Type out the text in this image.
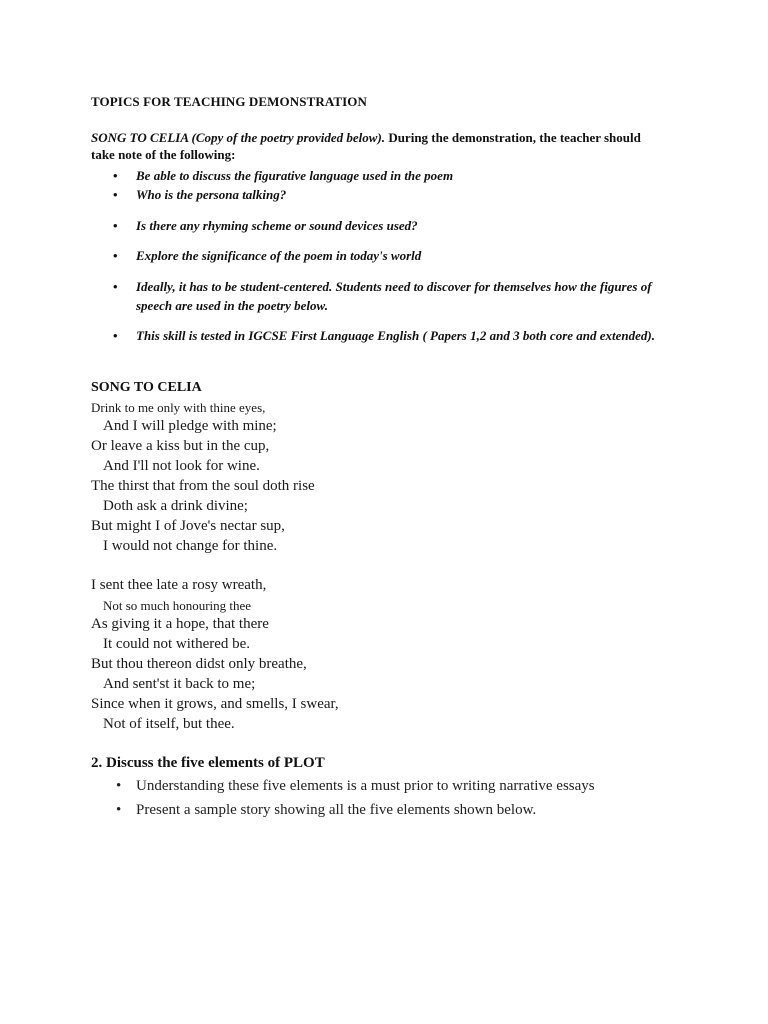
TOPICS FOR TEACHING DEMONSTRATION
SONG TO CELIA (Copy of the poetry provided below). During the demonstration, the teacher should take note of the following:
•	Be able to discuss the figurative language used in the poem
•	Who is the persona talking?
•	Is there any rhyming scheme or sound devices used?
•	Explore the significance of the poem in today's world
•	Ideally, it has to be student-centered. Students need to discover for themselves how the figures of speech are used in the poetry below.
•	This skill is tested in IGCSE First Language English ( Papers 1,2 and 3 both core and extended).
SONG TO CELIA
Drink to me only with thine eyes,
And I will pledge with mine;
Or leave a kiss but in the cup,
And I'll not look for wine.
The thirst that from the soul doth rise
Doth ask a drink divine;
But might I of Jove's nectar sup,
I would not change for thine.
I sent thee late a rosy wreath,
Not so much honouring thee
As giving it a hope, that there
It could not withered be.
But thou thereon didst only breathe,
And sent'st it back to me;
Since when it grows, and smells, I swear,
Not of itself, but thee.
2. Discuss the five elements of PLOT
• Understanding these five elements is a must prior to writing narrative essays
• Present a sample story showing all the five elements shown below.
